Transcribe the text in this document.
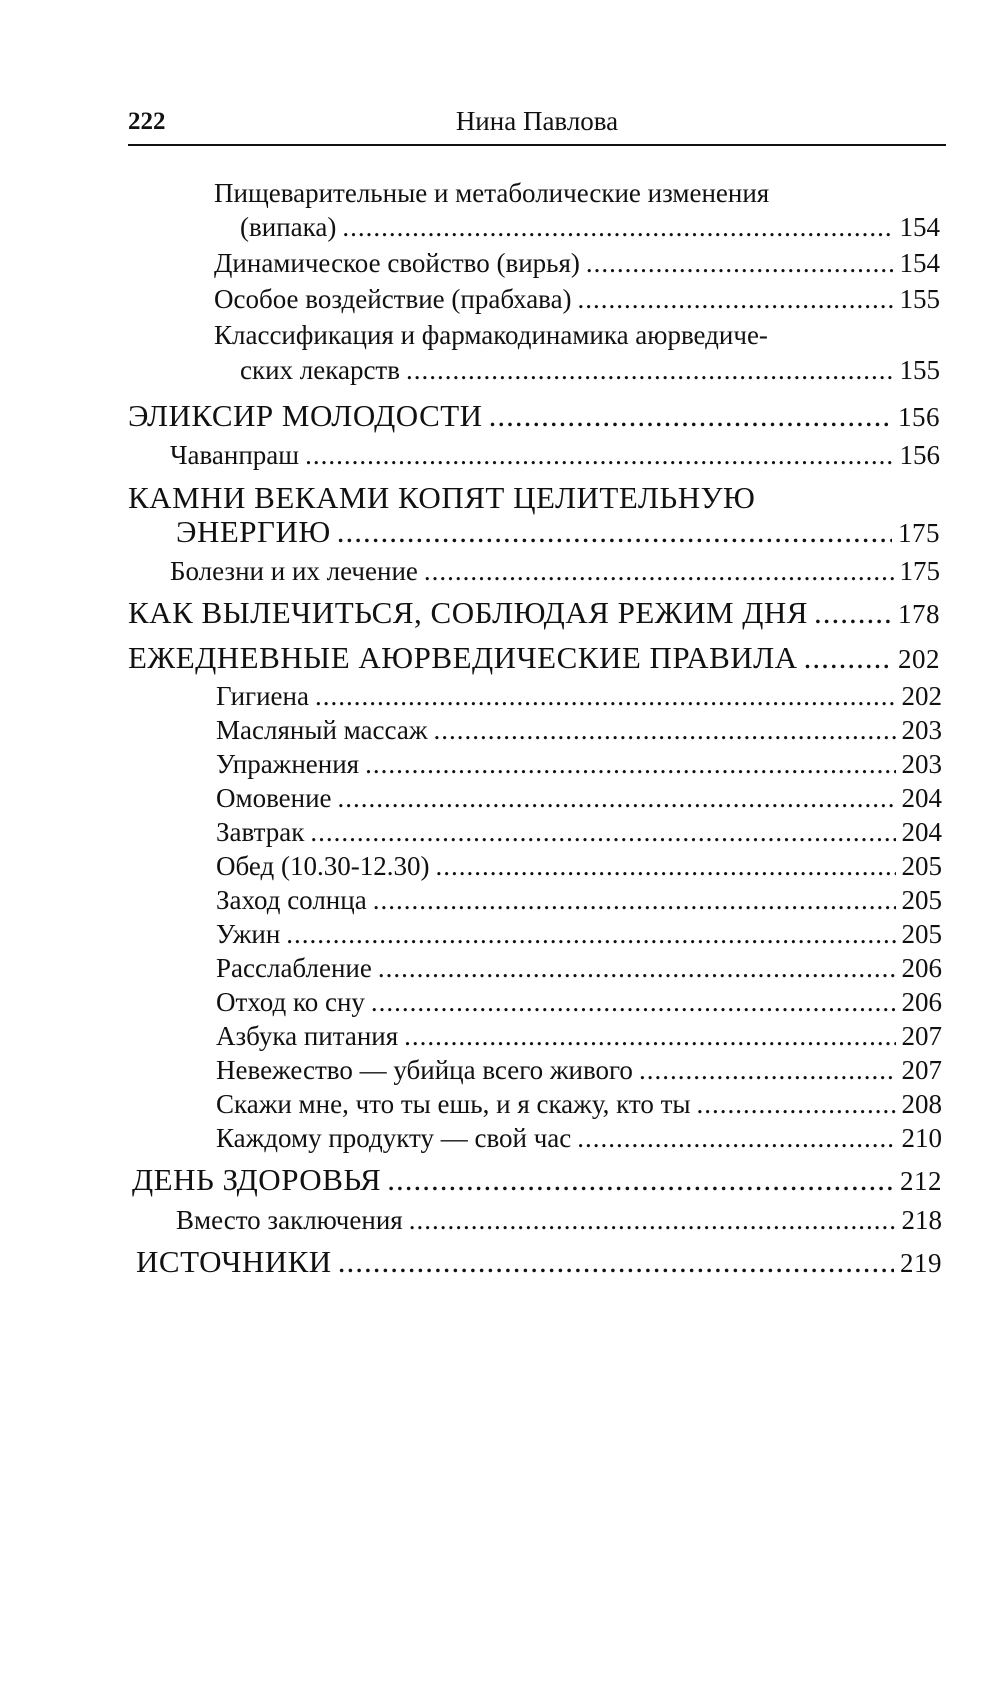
222	Нина Павлова
Пищеварительные и метаболические изменения
(випака) .....	154
Динамическое свойство (вирья) .....	154
Особое воздействие (прабхава) .....	155
Классификация и фармакодинамика аюрведиче-
ских лекарств .....	155
ЭЛИКСИР МОЛОДОСТИ .....	156
Чаванпраш .....	156
КАМНИ ВЕКАМИ КОПЯТ ЦЕЛИТЕЛЬНУЮ
ЭНЕРГИЮ .....	175
Болезни и их лечение .....	175
КАК ВЫЛЕЧИТЬСЯ, СОБЛЮДАЯ РЕЖИМ ДНЯ .....	178
ЕЖЕДНЕВНЫЕ АЮРВЕДИЧЕСКИЕ ПРАВИЛА .....	202
Гигиена .....	202
Масляный массаж .....	203
Упражнения .....	203
Омовение .....	204
Завтрак .....	204
Обед (10.30-12.30) .....	205
Заход солнца .....	205
Ужин .....	205
Расслабление .....	206
Отход ко сну .....	206
Азбука питания .....	207
Невежество — убийца всего живого .....	207
Скажи мне, что ты ешь, и я скажу, кто ты .....	208
Каждому продукту — свой час .....	210
ДЕНЬ ЗДОРОВЬЯ .....	212
Вместо заключения .....	218
ИСТОЧНИКИ .....	219
